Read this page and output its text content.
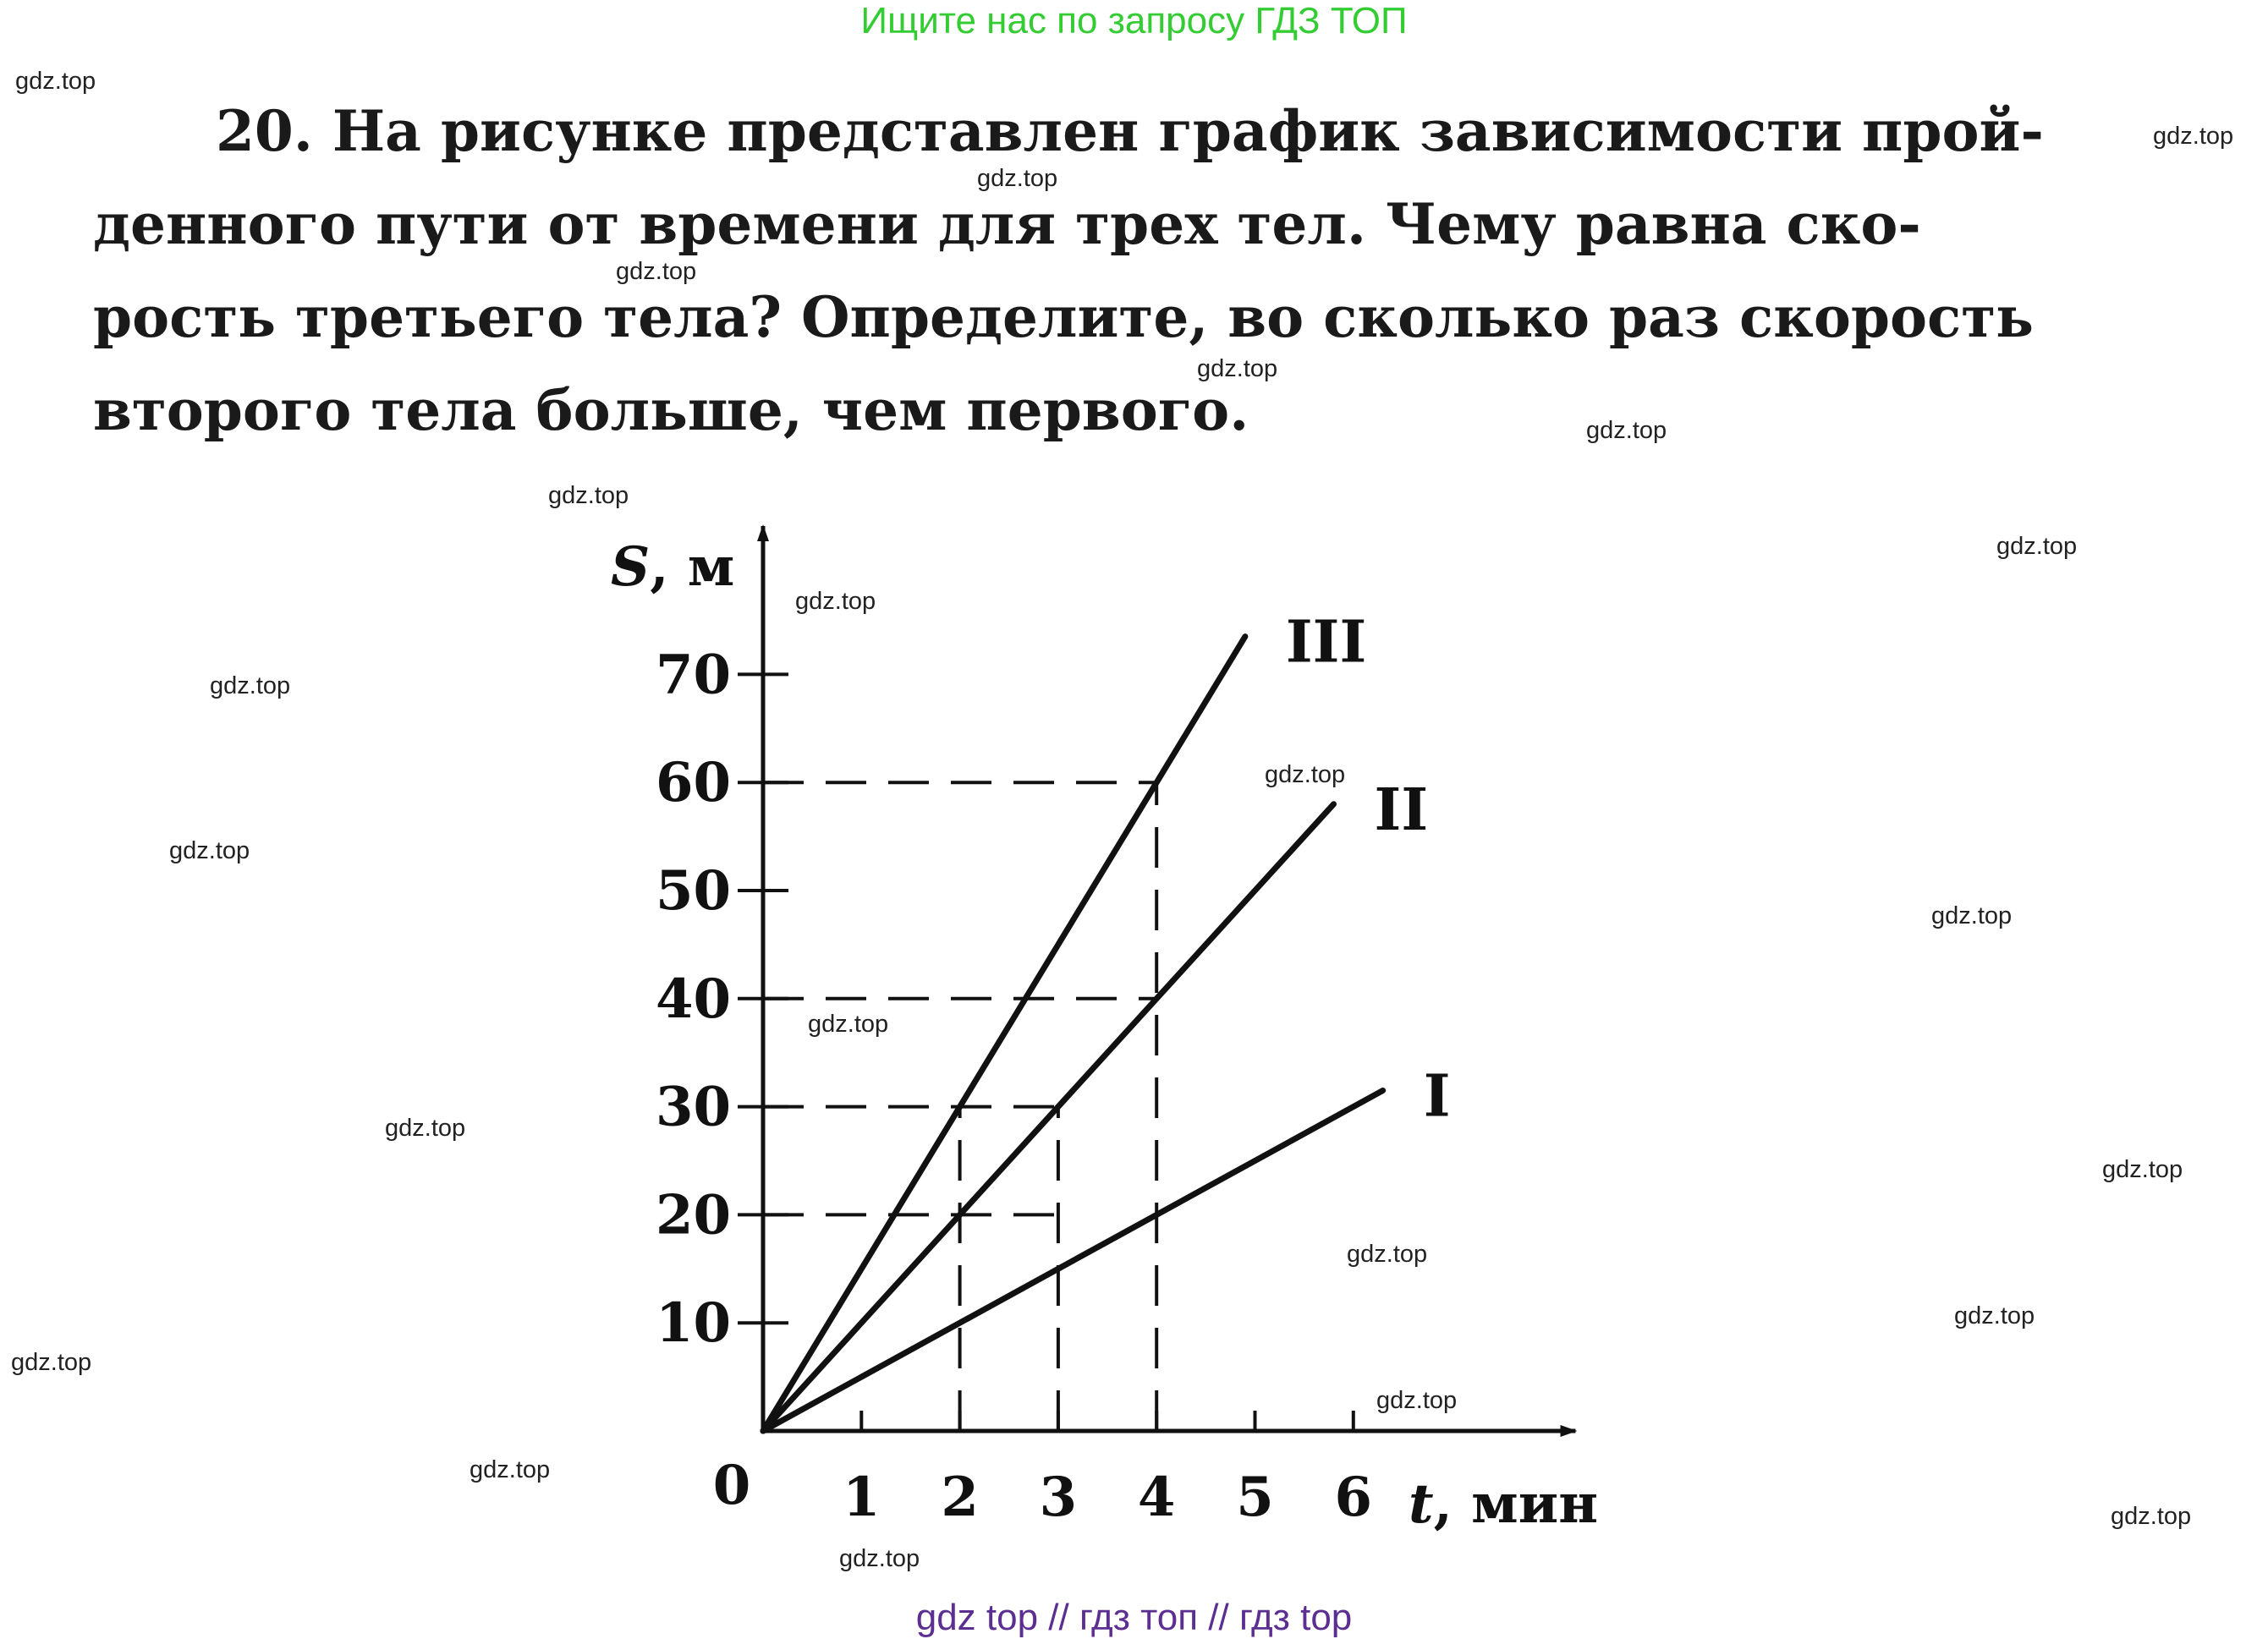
Ищите нас по запросу ГДЗ ТОП
20. На рисунке представлен график зависимости прой-
денного пути от времени для трех тел. Чему равна ско-
рость третьего тела? Определите, во сколько раз скорость
второго тела больше, чем первого.
1 2 3 4 5 6
10
20
30
40
50
60
70
0
I
II
III
S, м
t, мин
gdz.top
gdz.top
gdz.top
gdz.top
gdz.top
gdz.top
gdz.top
gdz.top
gdz.top
gdz.top
gdz.top
gdz.top
gdz.top
gdz.top
gdz.top
gdz.top
gdz.top
gdz.top
gdz.top
gdz.top
gdz.top
gdz.top
gdz.top
gdz top // гдз топ // гдз top
